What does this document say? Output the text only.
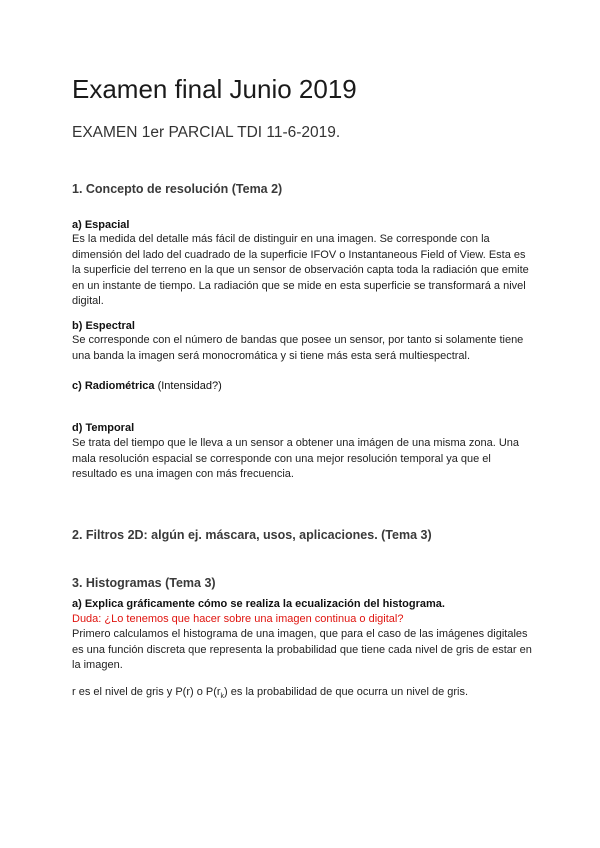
Examen final Junio 2019

EXAMEN 1er PARCIAL TDI 11-6-2019.

1. Concepto de resolución (Tema 2)

a) Espacial

Es la medida del detalle más fácil de distinguir en una imagen. Se corresponde con la dimensión del lado del cuadrado de la superficie IFOV o Instantaneous Field of View. Esta es la superficie del terreno en la que un sensor de observación capta toda la radiación que emite en un instante de tiempo. La radiación que se mide en esta superficie se transformará a nivel digital.

b) Espectral

Se corresponde con el número de bandas que posee un sensor, por tanto si solamente tiene una banda la imagen será monocromática y si tiene más esta será multiespectral.

c) Radiométrica (Intensidad?)

d) Temporal

Se trata del tiempo que le lleva a un sensor a obtener una imágen de una misma zona. Una mala resolución espacial se corresponde con una mejor resolución temporal ya que el resultado es una imagen con más frecuencia.

2. Filtros 2D: algún ej. máscara, usos, aplicaciones. (Tema 3)
3. Histogramas (Tema 3)

a) Explica gráficamente cómo se realiza la ecualización del histograma.

Duda: ¿Lo tenemos que hacer sobre una imagen continua o digital?

Primero calculamos el histograma de una imagen, que para el caso de las imágenes digitales es una función discreta que representa la probabilidad que tiene cada nivel de gris de estar en la imagen.

r es el nivel de gris y P(r) o $P(r_k)$ es la probabilidad de que ocurra un nivel de gris.
